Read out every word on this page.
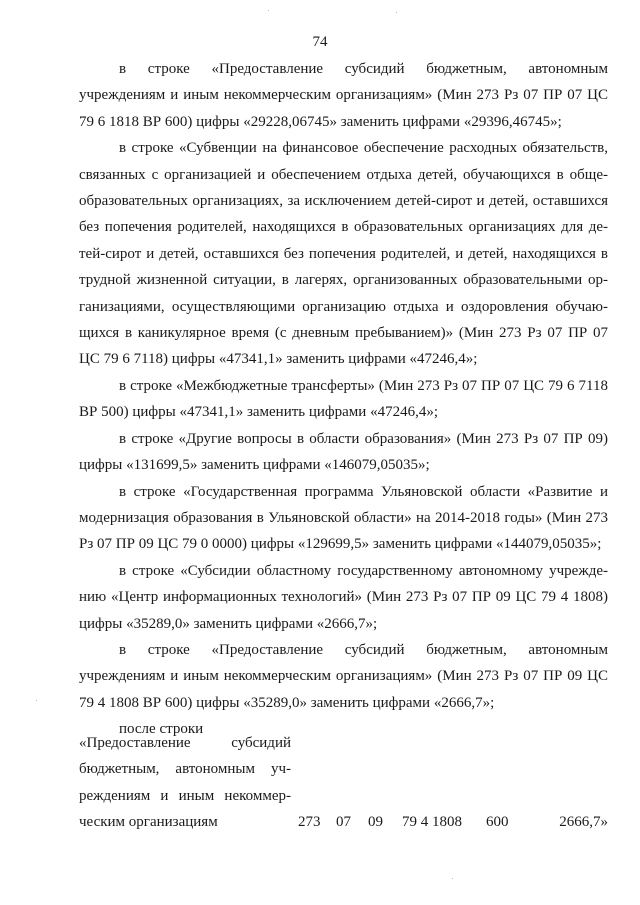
74

в строке «Предоставление субсидий бюджетным, автономным учреждениям и иным некоммерческим организациям» (Мин 273 Рз 07 ПР 07 ЦС 79 6 1818 ВР 600) цифры «29228,06745» заменить цифрами «29396,46745»;

в строке «Субвенции на финансовое обеспечение расходных обязательств, связанных с организацией и обеспечением отдыха детей, обучающихся в общеобразовательных организациях, за исключением детей-сирот и детей, оставшихся без попечения родителей, находящихся в образовательных организациях для детей-сирот и детей, оставшихся без попечения родителей, и детей, находящихся в трудной жизненной ситуации, в лагерях, организованных образовательными организациями, осуществляющими организацию отдыха и оздоровления обучающихся в каникулярное время (с дневным пребыванием)» (Мин 273 Рз 07 ПР 07 ЦС 79 6 7118) цифры «47341,1» заменить цифрами «47246,4»;

в строке «Межбюджетные трансферты» (Мин 273 Рз 07 ПР 07 ЦС 79 6 7118 ВР 500) цифры «47341,1» заменить цифрами «47246,4»;

в строке «Другие вопросы в области образования» (Мин 273 Рз 07 ПР 09) цифры «131699,5» заменить цифрами «146079,05035»;

в строке «Государственная программа Ульяновской области «Развитие и модернизация образования в Ульяновской области» на 2014-2018 годы» (Мин 273 Рз 07 ПР 09 ЦС 79 0 0000) цифры «129699,5» заменить цифрами «144079,05035»;

в строке «Субсидии областному государственному автономному учреждению «Центр информационных технологий» (Мин 273 Рз 07 ПР 09 ЦС 79 4 1808) цифры «35289,0» заменить цифрами «2666,7»;

в строке «Предоставление субсидий бюджетным, автономным учреждениям и иным некоммерческим организациям» (Мин 273 Рз 07 ПР 09 ЦС 79 4 1808 ВР 600) цифры «35289,0» заменить цифрами «2666,7»;

после строки

«Предоставление субсидий бюджетным, автономным учреждениям и иным некоммерческим организациям	273 07 09 79 4 1808 600	2666,7»
